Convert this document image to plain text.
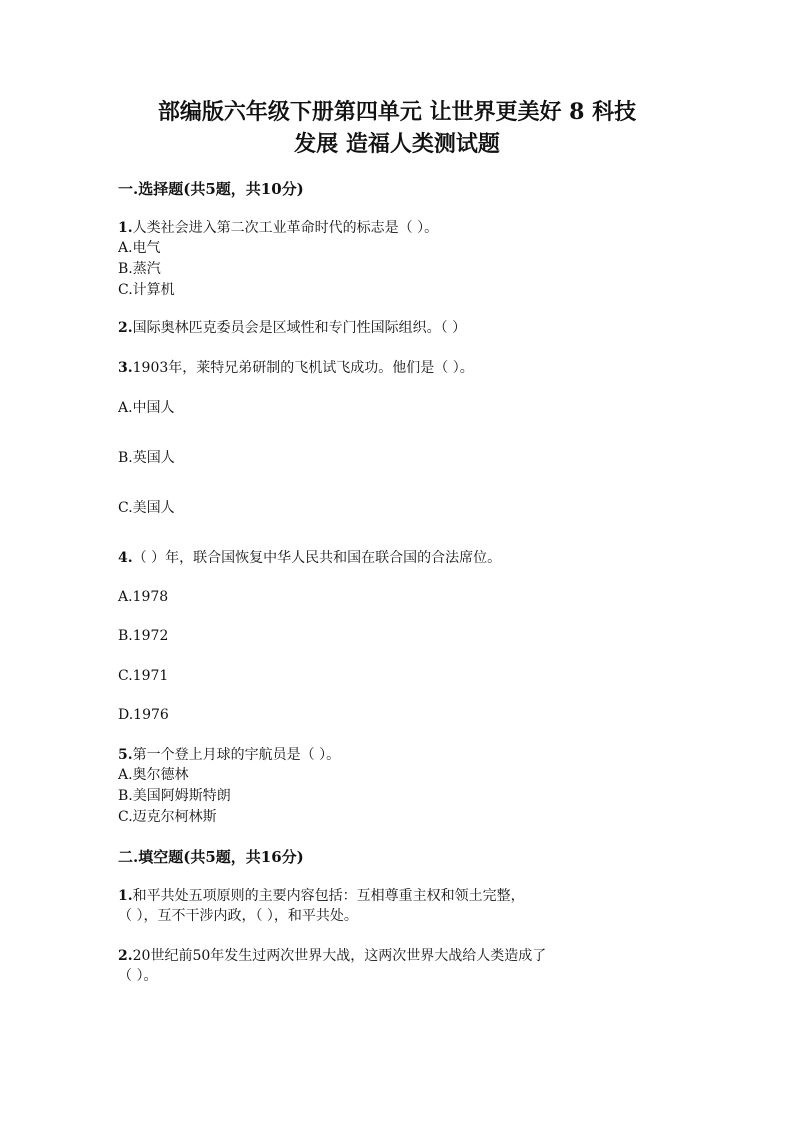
部编版六年级下册第四单元 让世界更美好 8 科技
发展 造福人类测试题
一.选择题(共5题，共10分)
1.人类社会进入第二次工业革命时代的标志是（ ）。
A.电气
B.蒸汽
C.计算机
2.国际奥林匹克委员会是区域性和专门性国际组织。（ ）
3.1903年，莱特兄弟研制的飞机试飞成功。他们是（ ）。
A.中国人
B.英国人
C.美国人
4.（ ）年，联合国恢复中华人民共和国在联合国的合法席位。
A.1978
B.1972
C.1971
D.1976
5.第一个登上月球的宇航员是（ ）。
A.奥尔德林
B.美国阿姆斯特朗
C.迈克尔柯林斯
二.填空题(共5题，共16分)
1.和平共处五项原则的主要内容包括：互相尊重主权和领土完整，
（ ），互不干涉内政，（ ），和平共处。
2.20世纪前50年发生过两次世界大战，这两次世界大战给人类造成了
（ ）。
